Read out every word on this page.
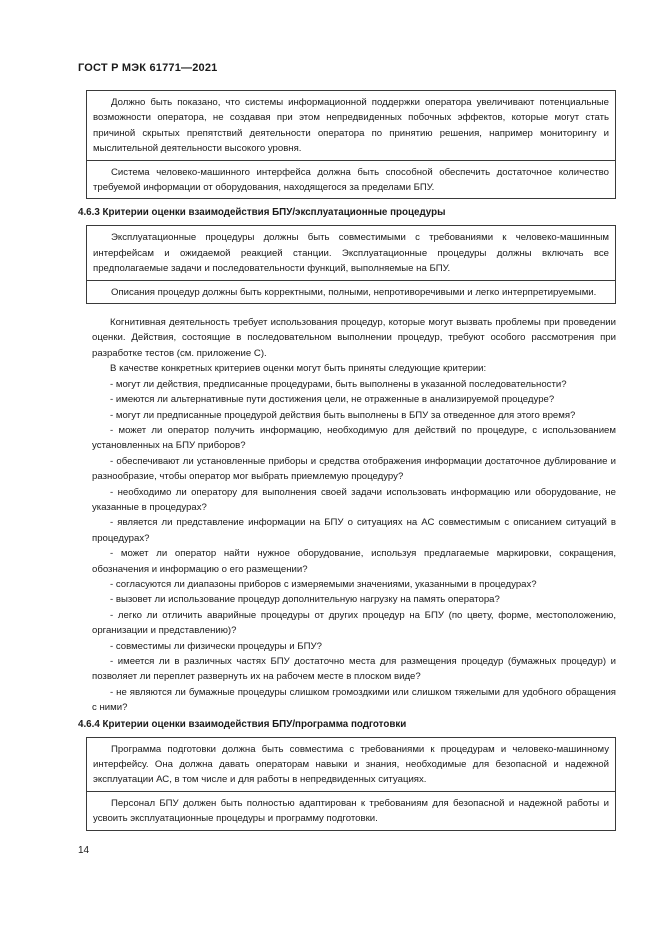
ГОСТ Р МЭК 61771—2021

Должно быть показано, что системы информационной поддержки оператора увеличивают потенциальные возможности оператора, не создавая при этом непредвиденных побочных эффектов, которые могут стать причиной скрытых препятствий деятельности оператора по принятию решения, например мониторингу и мыслительной деятельности высокого уровня.

Система человеко-машинного интерфейса должна быть способной обеспечить достаточное количество требуемой информации от оборудования, находящегося за пределами БПУ.

4.6.3 Критерии оценки взаимодействия БПУ/эксплуатационные процедуры

Эксплуатационные процедуры должны быть совместимыми с требованиями к человеко-машинным интерфейсам и ожидаемой реакцией станции. Эксплуатационные процедуры должны включать все предполагаемые задачи и последовательности функций, выполняемые на БПУ.

Описания процедур должны быть корректными, полными, непротиворечивыми и легко интерпретируемыми.

Когнитивная деятельность требует использования процедур, которые могут вызвать проблемы при проведении оценки. Действия, состоящие в последовательном выполнении процедур, требуют особого рассмотрения при разработке тестов (см. приложение С).

В качестве конкретных критериев оценки могут быть приняты следующие критерии:

- могут ли действия, предписанные процедурами, быть выполнены в указанной последовательности?

- имеются ли альтернативные пути достижения цели, не отраженные в анализируемой процедуре?

- могут ли предписанные процедурой действия быть выполнены в БПУ за отведенное для этого время?

- может ли оператор получить информацию, необходимую для действий по процедуре, с использованием установленных на БПУ приборов?

- обеспечивают ли установленные приборы и средства отображения информации достаточное дублирование и разнообразие, чтобы оператор мог выбрать приемлемую процедуру?

- необходимо ли оператору для выполнения своей задачи использовать информацию или оборудование, не указанные в процедурах?

- является ли представление информации на БПУ о ситуациях на АС совместимым с описанием ситуаций в процедурах?

- может ли оператор найти нужное оборудование, используя предлагаемые маркировки, сокращения, обозначения и информацию о его размещении?

- согласуются ли диапазоны приборов с измеряемыми значениями, указанными в процедурах?

- вызовет ли использование процедур дополнительную нагрузку на память оператора?

- легко ли отличить аварийные процедуры от других процедур на БПУ (по цвету, форме, местоположению, организации и представлению)?

- совместимы ли физически процедуры и БПУ?

- имеется ли в различных частях БПУ достаточно места для размещения процедур (бумажных процедур) и позволяет ли переплет развернуть их на рабочем месте в плоском виде?

- не являются ли бумажные процедуры слишком громоздкими или слишком тяжелыми для удобного обращения с ними?

4.6.4 Критерии оценки взаимодействия БПУ/программа подготовки

Программа подготовки должна быть совместима с требованиями к процедурам и человеко-машинному интерфейсу. Она должна давать операторам навыки и знания, необходимые для безопасной и надежной эксплуатации АС, в том числе и для работы в непредвиденных ситуациях.

Персонал БПУ должен быть полностью адаптирован к требованиям для безопасной и надежной работы и усвоить эксплуатационные процедуры и программу подготовки.

14
